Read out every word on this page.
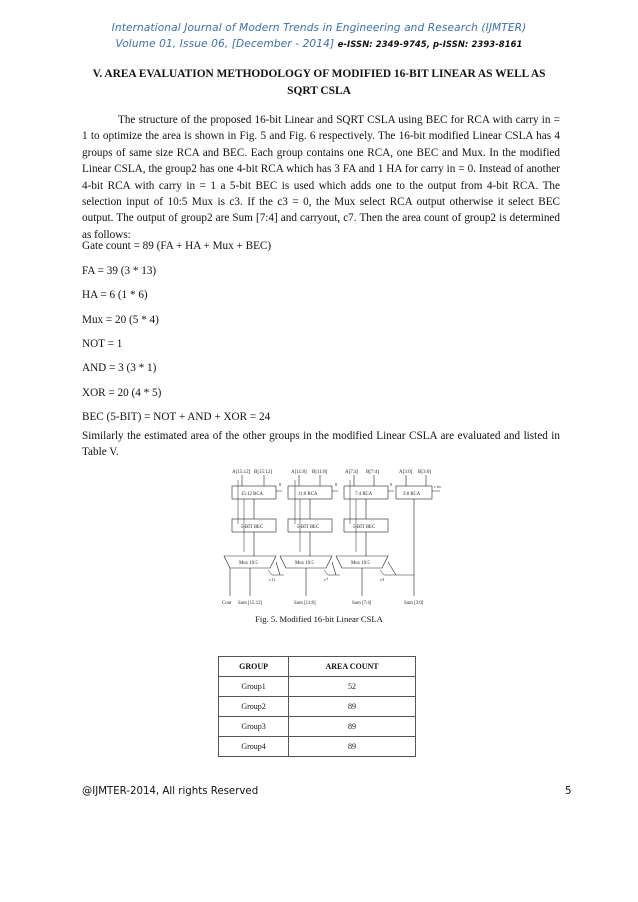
International Journal of Modern Trends in Engineering and Research (IJMTER)
Volume 01, Issue 06, [December - 2014] e-ISSN: 2349-9745, p-ISSN: 2393-8161
V. AREA EVALUATION METHODOLOGY OF MODIFIED 16-BIT LINEAR AS WELL AS SQRT CSLA

The structure of the proposed 16-bit Linear and SQRT CSLA using BEC for RCA with carry in = 1 to optimize the area is shown in Fig. 5 and Fig. 6 respectively. The 16-bit modified Linear CSLA has 4 groups of same size RCA and BEC. Each group contains one RCA, one BEC and Mux. In the modified Linear CSLA, the group2 has one 4-bit RCA which has 3 FA and 1 HA for carry in = 0. Instead of another 4-bit RCA with carry in = 1 a 5-bit BEC is used which adds one to the output from 4-bit RCA. The selection input of 10:5 Mux is c3. If the c3 = 0, the Mux select RCA output otherwise it select BEC output. The output of group2 are Sum [7:4] and carryout, c7. Then the area count of group2 is determined as follows:

Gate count = 89 (FA + HA + Mux + BEC)

FA = 39 (3 * 13)

HA = 6 (1 * 6)

Mux = 20 (5 * 4)

NOT = 1

AND = 3 (3 * 1)

XOR = 20 (4 * 5)

BEC (5-BIT) = NOT + AND + XOR = 24

Similarly the estimated area of the other groups in the modified Linear CSLA are evaluated and listed in Table V.

A[15:12] B[15:12]	A[11:8] B[11:8]	A[7:4] B[7:4]	A[3:0] B[3:0]
15:12 RCA	11:8 RCA	7:4 RCA	3:0 RCA
0	0	0	c in
5-BIT BEC	5-BIT BEC	5-BIT BEC
Mux 10:5	Mux 10:5	Mux 10:5
c11	c7	c3
Cout Sum [15:12]	Sum [11:8]	Sum [7:4]	Sum [3:0]
Fig. 5. Modified 16-bit Linear CSLA
GROUP	AREA COUNT
Group1	52
Group2	89
Group3	89
Group4	89
@IJMTER-2014, All rights Reserved	5
